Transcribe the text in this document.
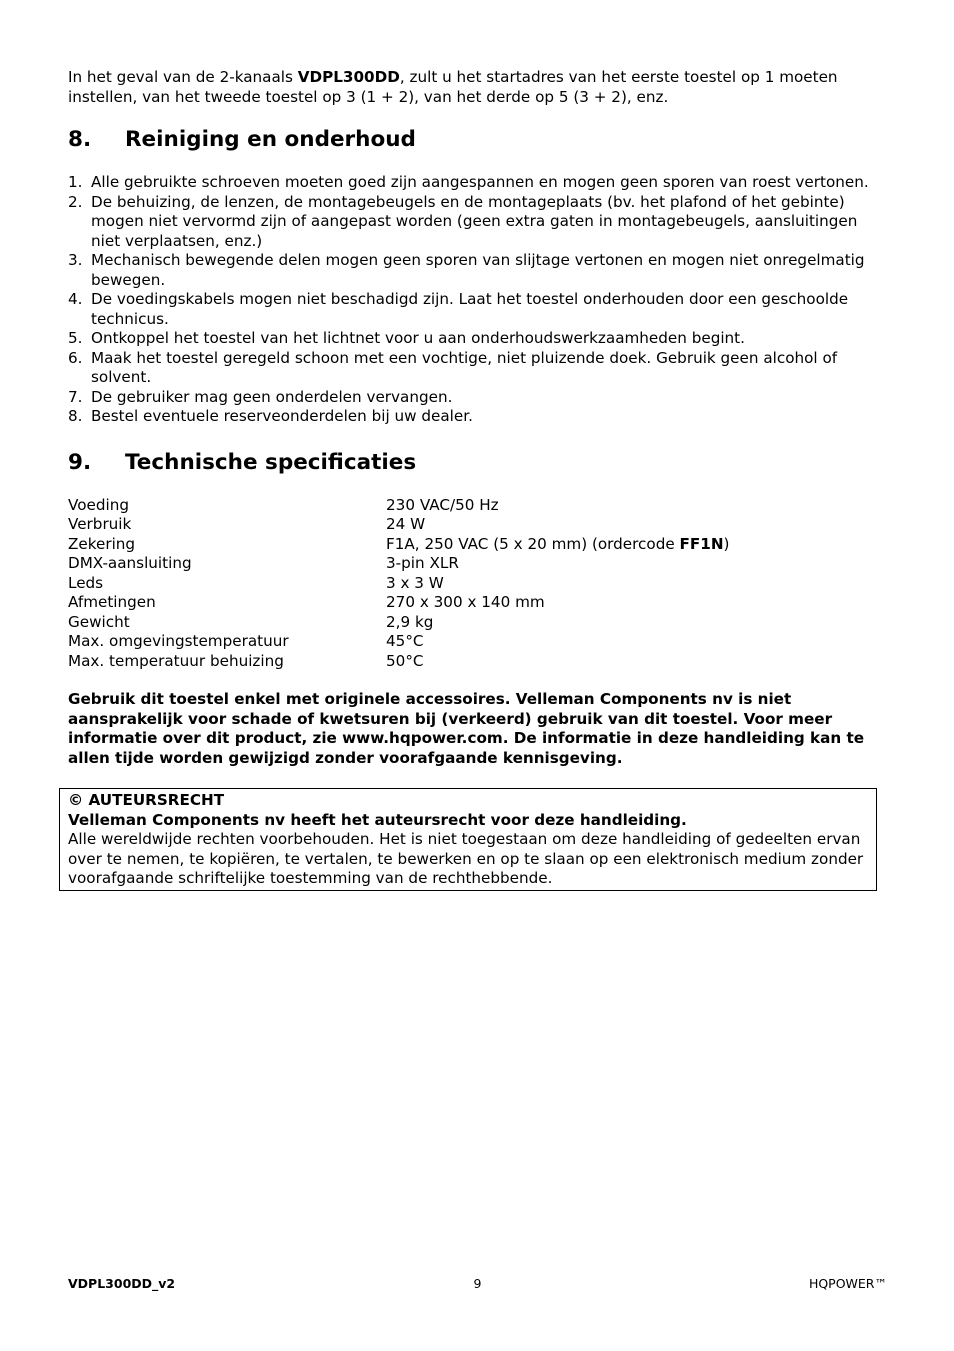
In het geval van de 2-kanaals VDPL300DD, zult u het startadres van het eerste toestel op 1 moeten instellen, van het tweede toestel op 3 (1 + 2), van het derde op 5 (3 + 2), enz.

8.	Reiniging en onderhoud
1. Alle gebruikte schroeven moeten goed zijn aangespannen en mogen geen sporen van roest vertonen.
2. De behuizing, de lenzen, de montagebeugels en de montageplaats (bv. het plafond of het gebinte) mogen niet vervormd zijn of aangepast worden (geen extra gaten in montagebeugels, aansluitingen niet verplaatsen, enz.)
3. Mechanisch bewegende delen mogen geen sporen van slijtage vertonen en mogen niet onregelmatig bewegen.
4. De voedingskabels mogen niet beschadigd zijn. Laat het toestel onderhouden door een geschoolde technicus.
5. Ontkoppel het toestel van het lichtnet voor u aan onderhoudswerkzaamheden begint.
6. Maak het toestel geregeld schoon met een vochtige, niet pluizende doek. Gebruik geen alcohol of solvent.
7. De gebruiker mag geen onderdelen vervangen.
8. Bestel eventuele reserveonderdelen bij uw dealer.
9.	Technische specificaties
Voeding	230 VAC/50 Hz
Verbruik	24 W
Zekering	F1A, 250 VAC (5 x 20 mm) (ordercode FF1N)
DMX-aansluiting	3-pin XLR
Leds	3 x 3 W
Afmetingen	270 x 300 x 140 mm
Gewicht	2,9 kg
Max. omgevingstemperatuur	45°C
Max. temperatuur behuizing	50°C

Gebruik dit toestel enkel met originele accessoires. Velleman Components nv is niet aansprakelijk voor schade of kwetsuren bij (verkeerd) gebruik van dit toestel. Voor meer informatie over dit product, zie www.hqpower.com. De informatie in deze handleiding kan te allen tijde worden gewijzigd zonder voorafgaande kennisgeving.

© AUTEURSRECHT
Velleman Components nv heeft het auteursrecht voor deze handleiding.
Alle wereldwijde rechten voorbehouden. Het is niet toegestaan om deze handleiding of gedeelten ervan over te nemen, te kopiëren, te vertalen, te bewerken en op te slaan op een elektronisch medium zonder voorafgaande schriftelijke toestemming van de rechthebbende.
VDPL300DD_v2	9	HQPOWER™
